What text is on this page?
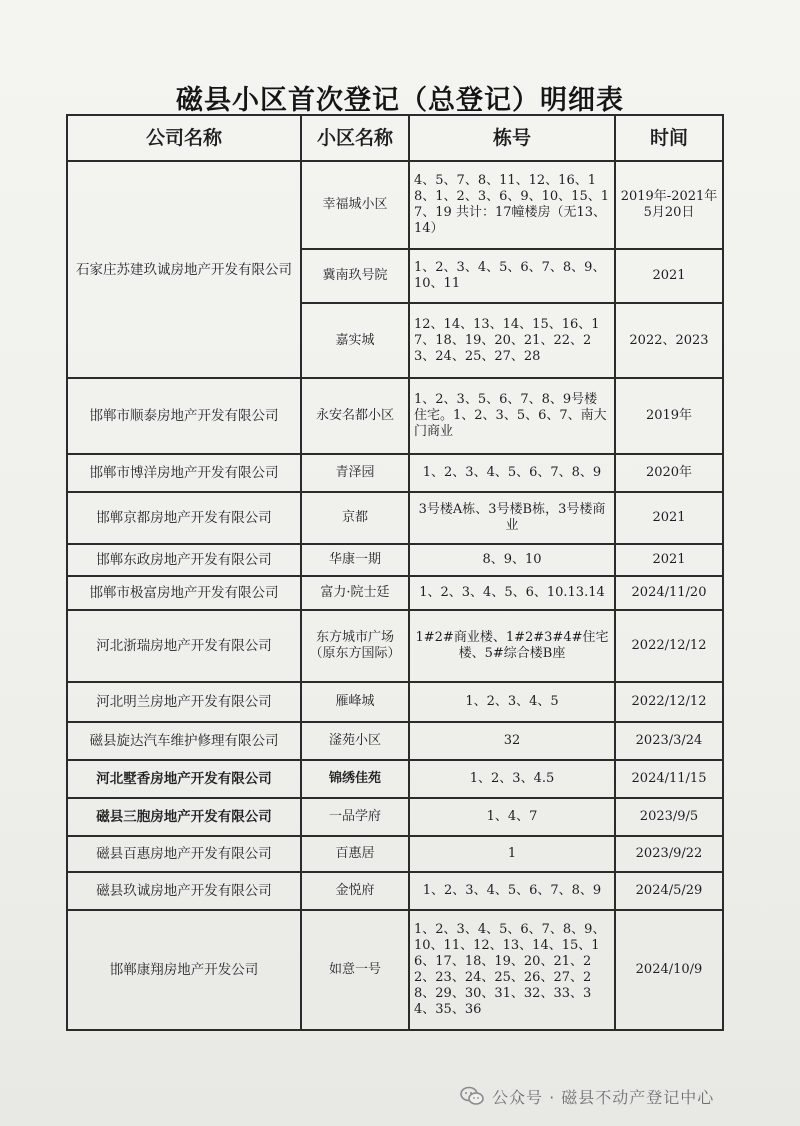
磁县小区首次登记（总登记）明细表
公司名称	小区名称	栋号	时间
石家庄苏建玖诚房地产开发有限公司	幸福城小区	4、5、7、8、11、12、16、18、1、2、3、6、9、10、15、17、19 共计：17幢楼房（无13、14）	2019年-2021年5月20日
	冀南玖号院	1、2、3、4、5、6、7、8、9、10、11	2021
	嘉实城	12、14、13、14、15、16、17、18、19、20、21、22、23、24、25、27、28	2022、2023
邯郸市顺泰房地产开发有限公司	永安名都小区	1、2、3、5、6、7、8、9号楼住宅。1、2、3、5、6、7、南大门商业	2019年
邯郸市博洋房地产开发有限公司	青泽园	1、2、3、4、5、6、7、8、9	2020年
邯郸京都房地产开发有限公司	京都	3号楼A栋、3号楼B栋，3号楼商业	2021
邯郸东政房地产开发有限公司	华康一期	8、9、10	2021
邯郸市极富房地产开发有限公司	富力·院士廷	1、2、3、4、5、6、10.13.14	2024/11/20
河北浙瑞房地产开发有限公司	东方城市广场（原东方国际）	1#2#商业楼、1#2#3#4#住宅楼、5#综合楼B座	2022/12/12
河北明兰房地产开发有限公司	雁峰城	1、2、3、4、5	2022/12/12
磁县旋达汽车维护修理有限公司	滏苑小区	32	2023/3/24
河北墅香房地产开发有限公司	锦绣佳苑	1、2、3、4.5	2024/11/15
磁县三胞房地产开发有限公司	一品学府	1、4、7	2023/9/5
磁县百惠房地产开发有限公司	百惠居	1	2023/9/22
磁县玖诚房地产开发有限公司	金悦府	1、2、3、4、5、6、7、8、9	2024/5/29
邯郸康翔房地产开发公司	如意一号	1、2、3、4、5、6、7、8、9、10、11、12、13、14、15、16、17、18、19、20、21、22、23、24、25、26、27、28、29、30、31、32、33、34、35、36	2024/10/9
公众号 · 磁县不动产登记中心
